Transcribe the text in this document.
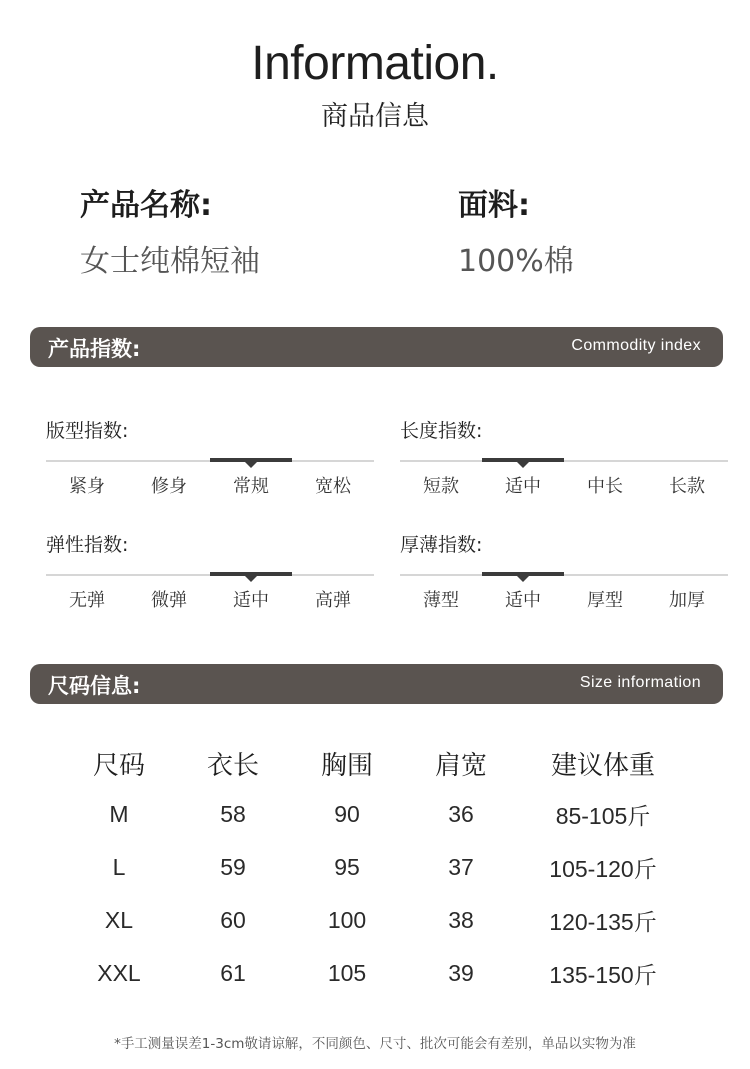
Information.
商品信息
产品名称:
女士纯棉短袖
面料:
100%棉
产品指数:	Commodity index
版型指数:
紧身	修身	常规	宽松
长度指数:
短款	适中	中长	长款
弹性指数:
无弹	微弹	适中	高弹
厚薄指数:
薄型	适中	厚型	加厚
尺码信息:	Size information
尺码	衣长	胸围	肩宽	建议体重
M	58	90	36	85-105斤
L	59	95	37	105-120斤
XL	60	100	38	120-135斤
XXL	61	105	39	135-150斤
*手工测量误差1-3cm敬请谅解，不同颜色、尺寸、批次可能会有差别，单品以实物为准
